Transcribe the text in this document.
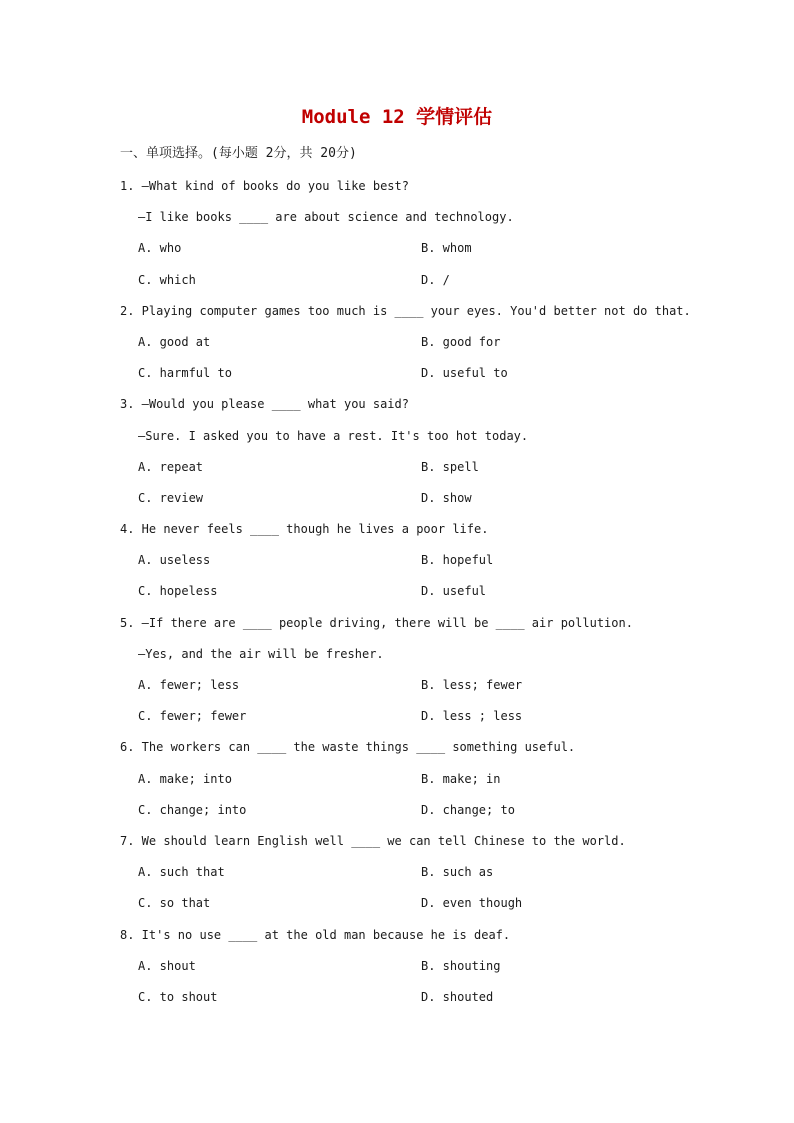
Module 12 学情评估
一、单项选择。(每小题 2分，共 20分)
1. —What kind of books do you like best?
—I like books ____ are about science and technology.
A. who	B. whom
C. which	D. /
2. Playing computer games too much is ____ your eyes. You'd better not do that.
A. good at	B. good for
C. harmful to	D. useful to
3. —Would you please ____ what you said?
—Sure. I asked you to have a rest. It's too hot today.
A. repeat	B. spell
C. review	D. show
4. He never feels ____ though he lives a poor life.
A. useless	B. hopeful
C. hopeless	D. useful
5. —If there are ____ people driving, there will be ____ air pollution.
—Yes, and the air will be fresher.
A. fewer; less	B. less; fewer
C. fewer; fewer	D. less ; less
6. The workers can ____ the waste things ____ something useful.
A. make; into	B. make; in
C. change; into	D. change; to
7. We should learn English well ____ we can tell Chinese to the world.
A. such that	B. such as
C. so that	D. even though
8. It's no use ____ at the old man because he is deaf.
A. shout	B. shouting
C. to shout	D. shouted
